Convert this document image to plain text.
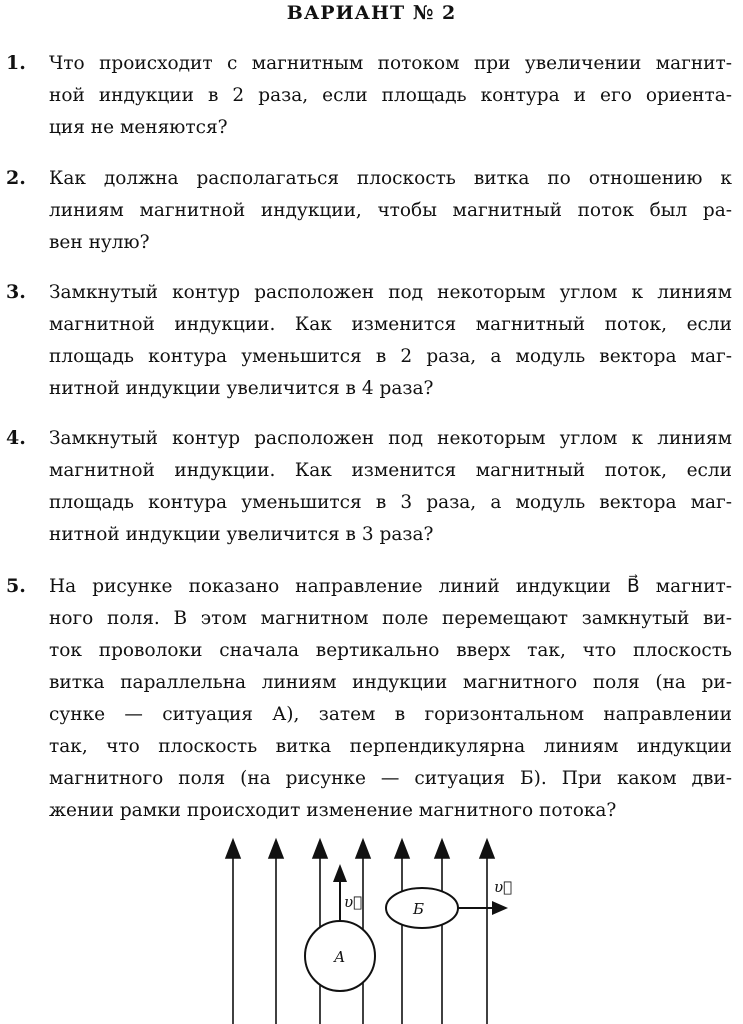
ВАРИАНТ № 2
1. Что происходит с магнитным потоком при увеличении магнит-
ной индукции в 2 раза, если площадь контура и его ориента-
ция не меняются?
2. Как должна располагаться плоскость витка по отношению к
линиям магнитной индукции, чтобы магнитный поток был ра-
вен нулю?
3. Замкнутый контур расположен под некоторым углом к линиям
магнитной индукции. Как изменится магнитный поток, если
площадь контура уменьшится в 2 раза, а модуль вектора маг-
нитной индукции увеличится в 4 раза?
4. Замкнутый контур расположен под некоторым углом к линиям
магнитной индукции. Как изменится магнитный поток, если
площадь контура уменьшится в 3 раза, а модуль вектора маг-
нитной индукции увеличится в 3 раза?
5. На рисунке показано направление линий индукции B⃗ магнит-
ного поля. В этом магнитном поле перемещают замкнутый ви-
ток проволоки сначала вертикально вверх так, что плоскость
витка параллельна линиям индукции магнитного поля (на ри-
сунке — ситуация А), затем в горизонтальном направлении
так, что плоскость витка перпендикулярна линиям индукции
магнитного поля (на рисунке — ситуация Б). При каком дви-
жении рамки происходит изменение магнитного потока?
А
υ⃗	Б
υ⃗
